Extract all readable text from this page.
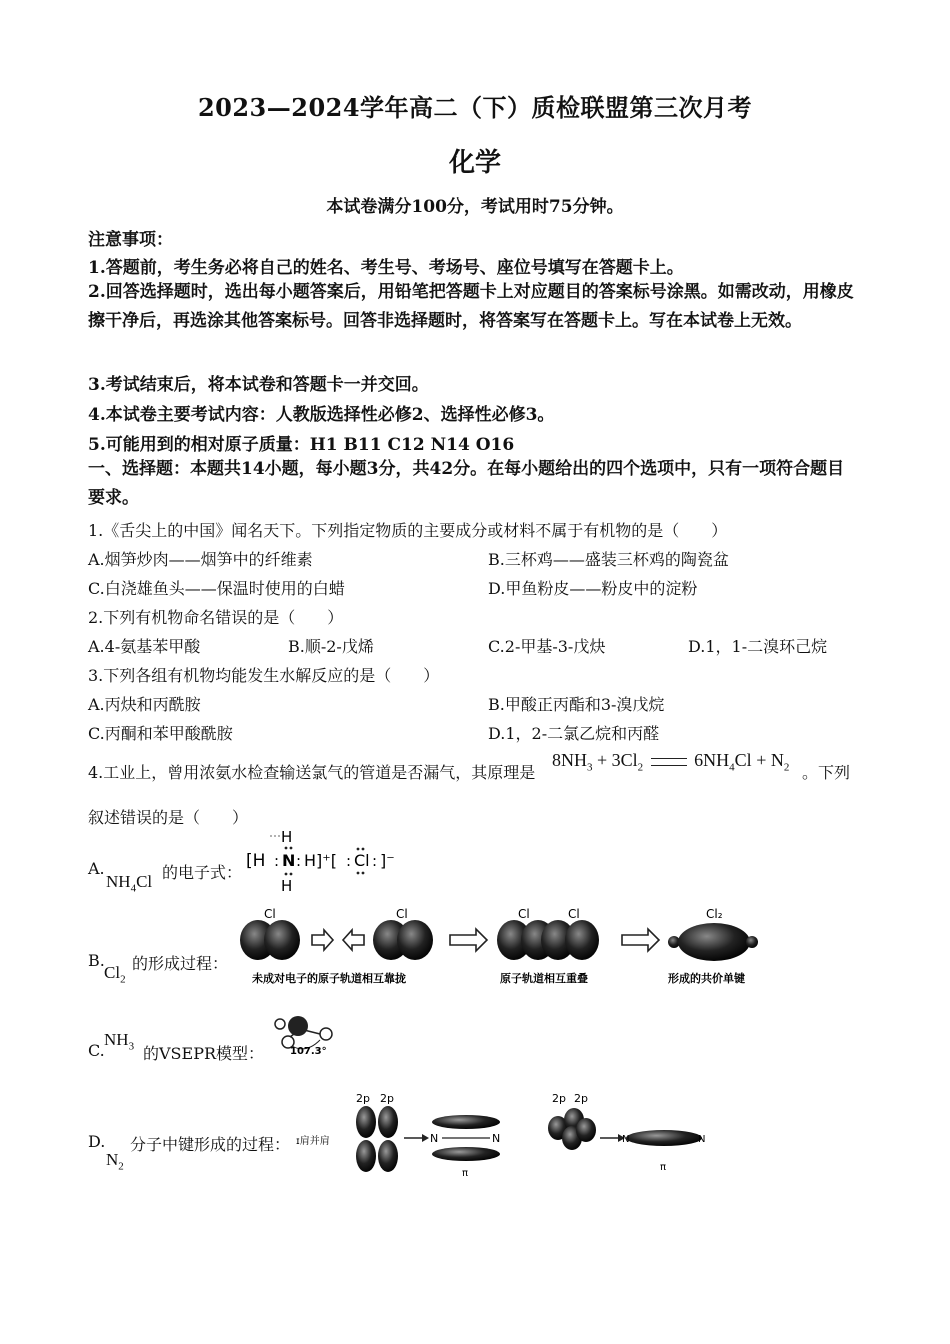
2023—2024学年高二（下）质检联盟第三次月考
化学
本试卷满分100分，考试用时75分钟。
注意事项：
1.答题前，考生务必将自己的姓名、考生号、考场号、座位号填写在答题卡上。
2.回答选择题时，选出每小题答案后，用铅笔把答题卡上对应题目的答案标号涂黑。如需改动，用橡皮擦干净后，再选涂其他答案标号。回答非选择题时，将答案写在答题卡上。写在本试卷上无效。
3.考试结束后，将本试卷和答题卡一并交回。
4.本试卷主要考试内容：人教版选择性必修2、选择性必修3。
5.可能用到的相对原子质量：H1 B11 C12 N14 O16
一、选择题：本题共14小题，每小题3分，共42分。在每小题给出的四个选项中，只有一项符合题目要求。
1.《舌尖上的中国》闻名天下。下列指定物质的主要成分或材料不属于有机物的是（　　）
A.烟笋炒肉——烟笋中的纤维素	B.三杯鸡——盛装三杯鸡的陶瓷盆
C.白浇雄鱼头——保温时使用的白蜡	D.甲鱼粉皮——粉皮中的淀粉
2.下列有机物命名错误的是（　　）
A.4-氨基苯甲酸	B.顺-2-戊烯	C.2-甲基-3-戊炔	D.1，1-二溴环己烷
3.下列各组有机物均能发生水解反应的是（　　）
A.丙炔和丙酰胺	B.甲酸正丙酯和3-溴戊烷
C.丙酮和苯甲酸酰胺	D.1，2-二氯乙烷和丙醛
4.工业上，曾用浓氨水检查输送氯气的管道是否漏气，其原理是
$8NH_3 + 3Cl_2$	$6NH_4Cl + N_2$ 。下列
叙述错误的是（　　）
A.
$NH_4Cl$ 的电子式：
H
H
[H : N : H]⁺[ : Cl : ]⁻
B.
$Cl_2$
的形成过程：
Cl	Cl	Cl	Cl	Cl₂
未成对电子的原子轨道相互靠拢	原子轨道相互重叠	形成的共价单键
C.
$NH_3$ 的VSEPR模型：	107.3°
D.
$N_2$
分子中键形成的过程： ɪ肩并肩
2p 2p
N	N
π
2p 2p
N	N
π
